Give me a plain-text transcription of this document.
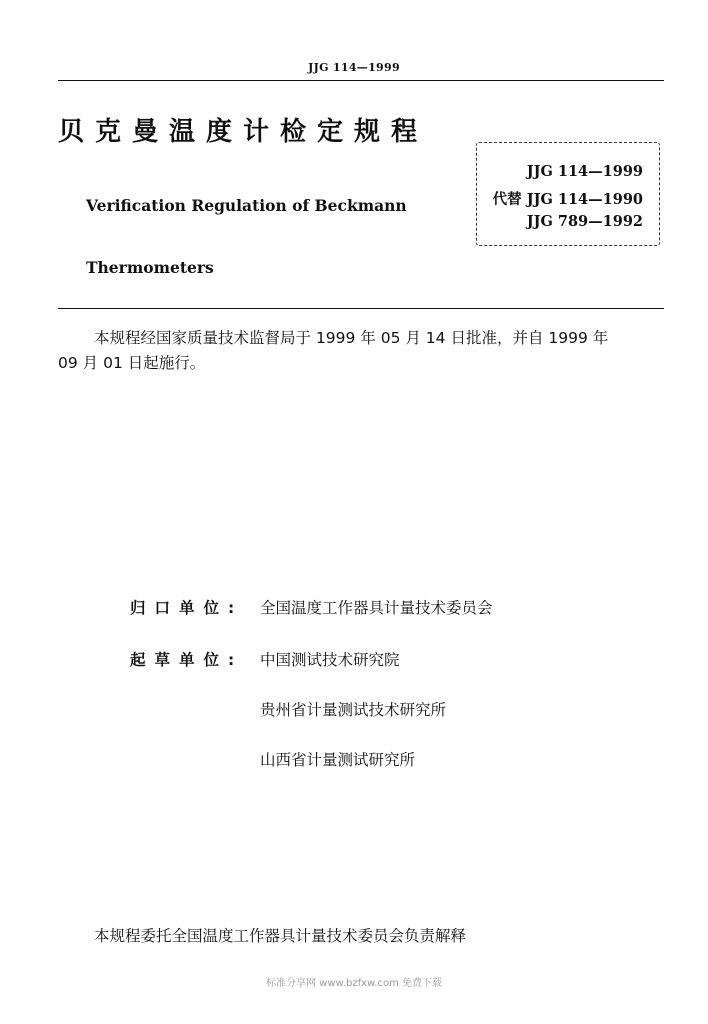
JJG 114—1999
贝克曼温度计检定规程
Verification Regulation of Beckmann
Thermometers
JJG 114—1999
代替 JJG 114—1990
JJG 789—1992
本规程经国家质量技术监督局于 1999 年 05 月 14 日批准，并自 1999 年
09 月 01 日起施行。
归口单位: 全国温度工作器具计量技术委员会
起草单位: 中国测试技术研究院
贵州省计量测试技术研究所
山西省计量测试研究所
本规程委托全国温度工作器具计量技术委员会负责解释
标准分享网 www.bzfxw.com 免费下载
